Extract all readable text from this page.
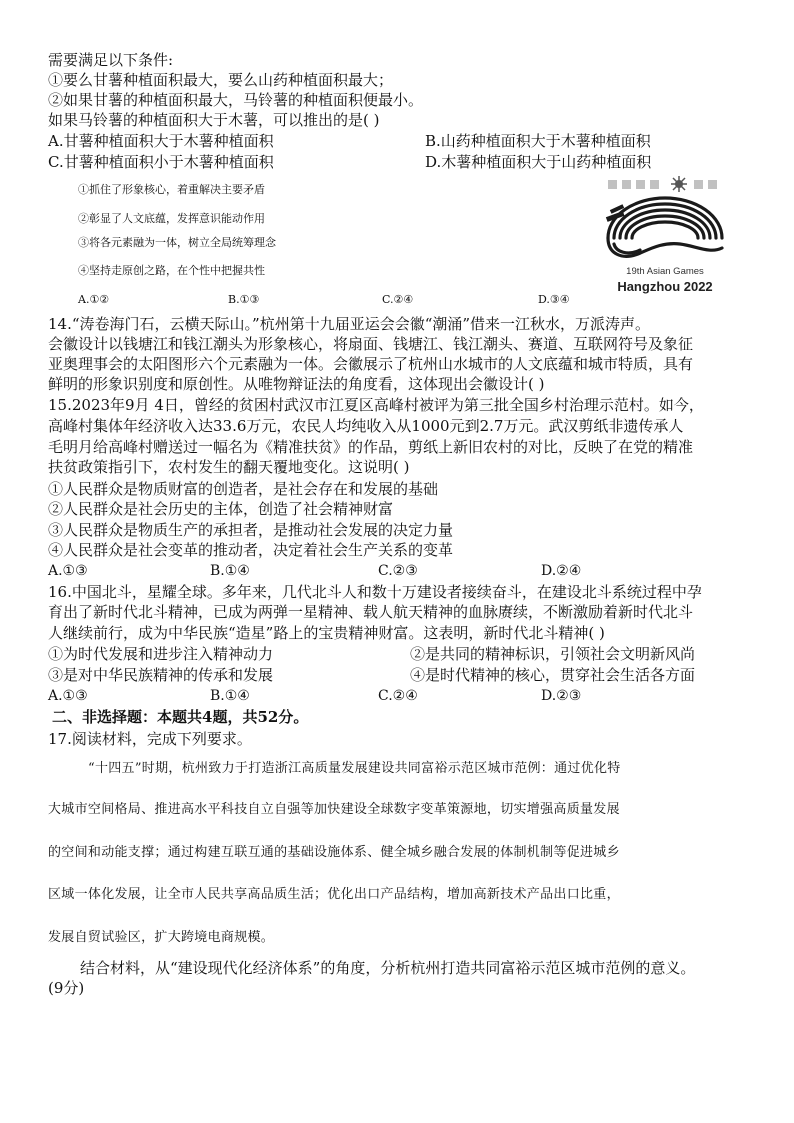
需要满足以下条件:
①要么甘薯种植面积最大，要么山药种植面积最大；
②如果甘薯的种植面积最大，马铃薯的种植面积便最小。
如果马铃薯的种植面积大于木薯，可以推出的是( )
A.甘薯种植面积大于木薯种植面积	B.山药种植面积大于木薯种植面积
C.甘薯种植面积小于木薯种植面积	D.木薯种植面积大于山药种植面积
①抓住了形象核心，着重解决主要矛盾
②彰显了人文底蕴，发挥意识能动作用
③将各元素融为一体，树立全局统筹理念
④坚持走原创之路，在个性中把握共性
A.①②	B.①③	C.②④	D.③④
19th Asian Games
Hangzhou 2022
14.“涛卷海门石，云横天际山。”杭州第十九届亚运会会徽“潮涌”借来一江秋水，万派涛声。
会徽设计以钱塘江和钱江潮头为形象核心，将扇面、钱塘江、钱江潮头、赛道、互联网符号及象征
亚奥理事会的太阳图形六个元素融为一体。会徽展示了杭州山水城市的人文底蕴和城市特质，具有
鲜明的形象识别度和原创性。从唯物辩证法的角度看，这体现出会徽设计( )
15.2023年9月 4日，曾经的贫困村武汉市江夏区高峰村被评为第三批全国乡村治理示范村。如今，
高峰村集体年经济收入达33.6万元，农民人均纯收入从1000元到2.7万元。武汉剪纸非遗传承人
毛明月给高峰村赠送过一幅名为《精准扶贫》的作品，剪纸上新旧农村的对比，反映了在党的精准
扶贫政策指引下，农村发生的翻天覆地变化。这说明( )
①人民群众是物质财富的创造者，是社会存在和发展的基础
②人民群众是社会历史的主体，创造了社会精神财富
③人民群众是物质生产的承担者，是推动社会发展的决定力量
④人民群众是社会变革的推动者，决定着社会生产关系的变革
A.①③	B.①④	C.②③	D.②④
16.中国北斗，星耀全球。多年来，几代北斗人和数十万建设者接续奋斗，在建设北斗系统过程中孕
育出了新时代北斗精神，已成为两弹一星精神、载人航天精神的血脉赓续，不断激励着新时代北斗
人继续前行，成为中华民族“造星”路上的宝贵精神财富。这表明，新时代北斗精神( )
①为时代发展和进步注入精神动力	②是共同的精神标识，引领社会文明新风尚
③是对中华民族精神的传承和发展	④是时代精神的核心，贯穿社会生活各方面
A.①③	B.①④	C.②④	D.②③
二、非选择题：本题共4题，共52分。
17.阅读材料，完成下列要求。
“十四五”时期，杭州致力于打造浙江高质量发展建设共同富裕示范区城市范例：通过优化特
大城市空间格局、推进高水平科技自立自强等加快建设全球数字变革策源地，切实增强高质量发展
的空间和动能支撑；通过构建互联互通的基础设施体系、健全城乡融合发展的体制机制等促进城乡
区域一体化发展，让全市人民共享高品质生活；优化出口产品结构，增加高新技术产品出口比重，
发展自贸试验区，扩大跨境电商规模。
结合材料，从“建设现代化经济体系”的角度，分析杭州打造共同富裕示范区城市范例的意义。
(9分)
